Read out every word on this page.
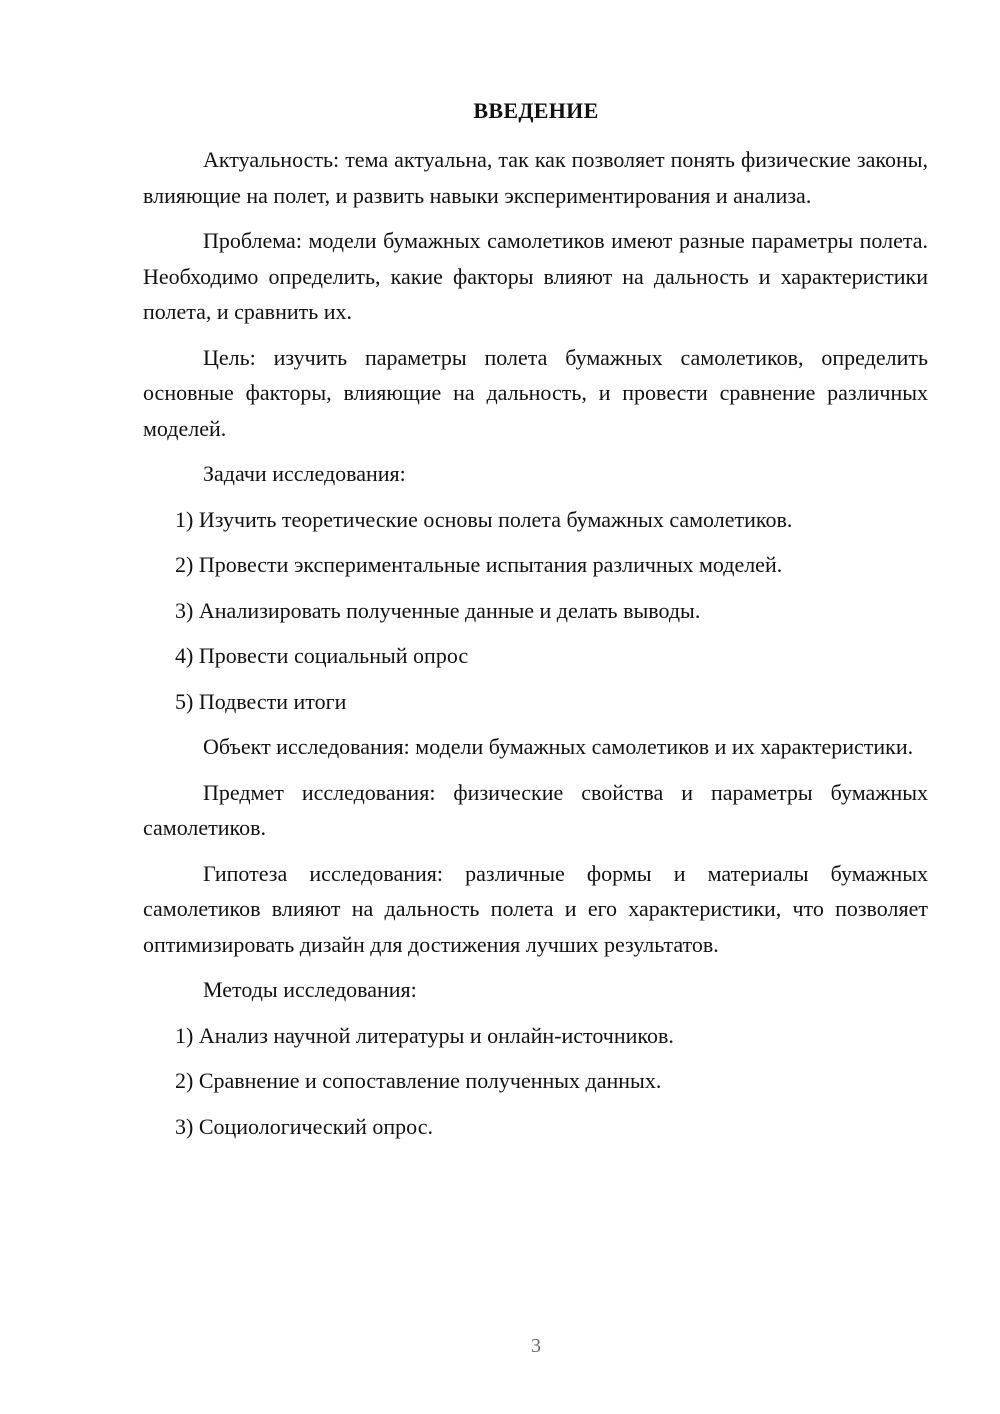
ВВЕДЕНИЕ

Актуальность: тема актуальна, так как позволяет понять физические законы, влияющие на полет, и развить навыки экспериментирования и анализа.

Проблема: модели бумажных самолетиков имеют разные параметры полета. Необходимо определить, какие факторы влияют на дальность и характеристики полета, и сравнить их.

Цель: изучить параметры полета бумажных самолетиков, определить основные факторы, влияющие на дальность, и провести сравнение различных моделей.

Задачи исследования:

1) Изучить теоретические основы полета бумажных самолетиков.

2) Провести экспериментальные испытания различных моделей.

3) Анализировать полученные данные и делать выводы.

4) Провести социальный опрос

5) Подвести итоги

Объект исследования: модели бумажных самолетиков и их характеристики.

Предмет исследования: физические свойства и параметры бумажных самолетиков.

Гипотеза исследования: различные формы и материалы бумажных самолетиков влияют на дальность полета и его характеристики, что позволяет оптимизировать дизайн для достижения лучших результатов.

Методы исследования:

1) Анализ научной литературы и онлайн-источников.

2) Сравнение и сопоставление полученных данных.

3) Социологический опрос.

3
